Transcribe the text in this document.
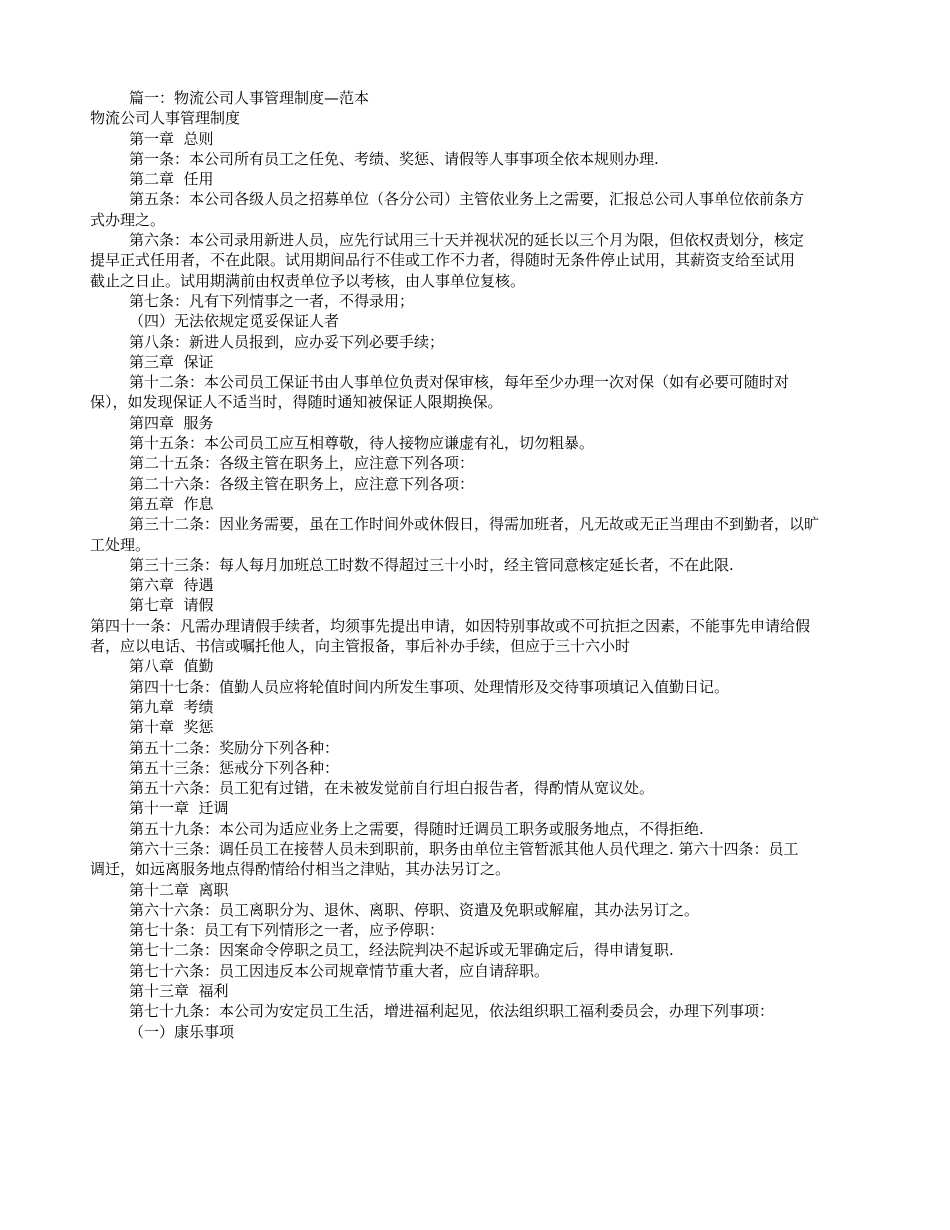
篇一：物流公司人事管理制度—范本
物流公司人事管理制度
第一章  总则
第一条：本公司所有员工之任免、考绩、奖惩、请假等人事事项全依本规则办理.
第二章  任用
第五条：本公司各级人员之招募单位（各分公司）主管依业务上之需要，汇报总公司人事单位依前条方
式办理之。
第六条：本公司录用新进人员，应先行试用三十天并视状况的延长以三个月为限，但依权责划分，核定
提早正式任用者，不在此限。试用期间品行不佳或工作不力者，得随时无条件停止试用，其薪资支给至试用
截止之日止。试用期满前由权责单位予以考核，由人事单位复核。
第七条：凡有下列情事之一者，不得录用；
（四）无法依规定觅妥保证人者
第八条：新进人员报到，应办妥下列必要手续；
第三章  保证
第十二条：本公司员工保证书由人事单位负责对保审核，每年至少办理一次对保（如有必要可随时对
保），如发现保证人不适当时，得随时通知被保证人限期换保。
第四章  服务
第十五条：本公司员工应互相尊敬，待人接物应谦虚有礼，切勿粗暴。
第二十五条：各级主管在职务上，应注意下列各项：
第二十六条：各级主管在职务上，应注意下列各项：
第五章  作息
第三十二条：因业务需要，虽在工作时间外或休假日，得需加班者，凡无故或无正当理由不到勤者，以旷
工处理。
第三十三条：每人每月加班总工时数不得超过三十小时，经主管同意核定延长者，不在此限.
第六章  待遇
第七章  请假
第四十一条：凡需办理请假手续者，均须事先提出申请，如因特别事故或不可抗拒之因素，不能事先申请给假
者，应以电话、书信或嘱托他人，向主管报备，事后补办手续，但应于三十六小时
第八章  值勤
第四十七条：值勤人员应将轮值时间内所发生事项、处理情形及交待事项填记入值勤日记。
第九章  考绩
第十章  奖惩
第五十二条：奖励分下列各种：
第五十三条：惩戒分下列各种：
第五十六条：员工犯有过错，在未被发觉前自行坦白报告者，得酌情从宽议处。
第十一章  迁调
第五十九条：本公司为适应业务上之需要，得随时迁调员工职务或服务地点，不得拒绝.
第六十三条：调任员工在接替人员未到职前，职务由单位主管暂派其他人员代理之. 第六十四条：员工
调迁，如远离服务地点得酌情给付相当之津贴，其办法另订之。
第十二章  离职
第六十六条：员工离职分为、退休、离职、停职、资遣及免职或解雇，其办法另订之。
第七十条：员工有下列情形之一者，应予停职：
第七十二条：因案命令停职之员工，经法院判决不起诉或无罪确定后，得申请复职.
第七十六条：员工因违反本公司规章情节重大者，应自请辞职。
第十三章  福利
第七十九条：本公司为安定员工生活，增进福利起见，依法组织职工福利委员会，办理下列事项：
（一）康乐事项
